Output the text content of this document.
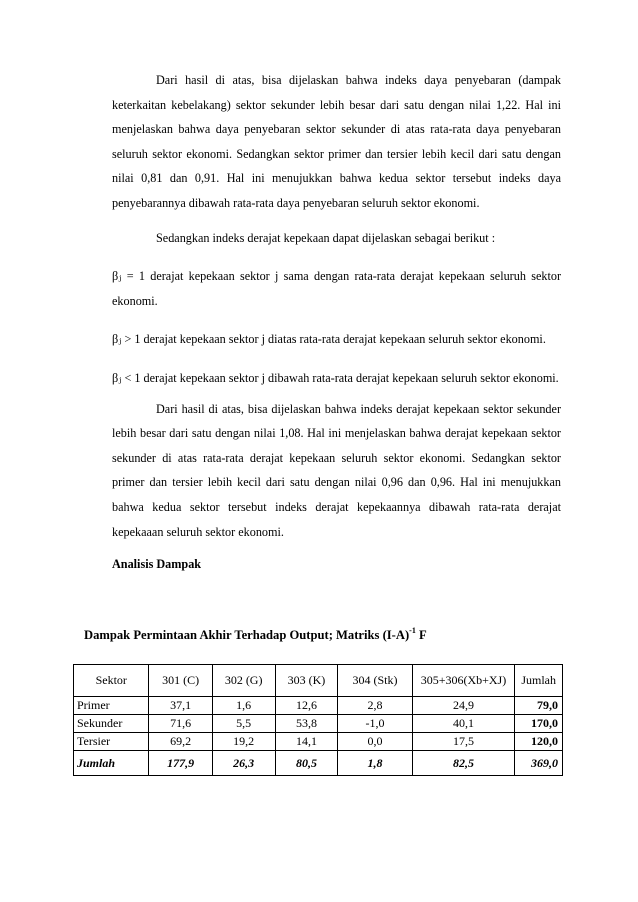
Dari hasil di atas, bisa dijelaskan bahwa indeks daya penyebaran (dampak keterkaitan kebelakang) sektor sekunder lebih besar dari satu dengan nilai 1,22. Hal ini menjelaskan bahwa daya penyebaran sektor sekunder di atas rata-rata daya penyebaran seluruh sektor ekonomi. Sedangkan sektor primer dan tersier lebih kecil dari satu dengan nilai 0,81 dan 0,91. Hal ini menujukkan bahwa kedua sektor tersebut indeks daya penyebarannya dibawah rata-rata daya penyebaran seluruh sektor ekonomi.

Sedangkan indeks derajat kepekaan dapat dijelaskan sebagai berikut :

βⱼ = 1 derajat kepekaan sektor j sama dengan rata-rata derajat kepekaan seluruh sektor ekonomi.

βⱼ > 1 derajat kepekaan sektor j diatas rata-rata derajat kepekaan seluruh sektor ekonomi.

βⱼ < 1 derajat kepekaan sektor j dibawah rata-rata derajat kepekaan seluruh sektor ekonomi.

Dari hasil di atas, bisa dijelaskan bahwa indeks derajat kepekaan sektor sekunder lebih besar dari satu dengan nilai 1,08. Hal ini menjelaskan bahwa derajat kepekaan sektor sekunder di atas rata-rata derajat kepekaan seluruh sektor ekonomi. Sedangkan sektor primer dan tersier lebih kecil dari satu dengan nilai 0,96 dan 0,96. Hal ini menujukkan bahwa kedua sektor tersebut indeks derajat kepekaannya dibawah rata-rata derajat kepekaaan seluruh sektor ekonomi.

Analisis Dampak

Dampak Permintaan Akhir Terhadap Output; Matriks $(I-A)^{-1}$ F
Sektor	301 (C)	302 (G)	303 (K)	304 (Stk)	305+306(Xb+XJ)	Jumlah
Primer	37,1	1,6	12,6	2,8	24,9	79,0
Sekunder	71,6	5,5	53,8	-1,0	40,1	170,0
Tersier	69,2	19,2	14,1	0,0	17,5	120,0
Jumlah	177,9	26,3	80,5	1,8	82,5	369,0
